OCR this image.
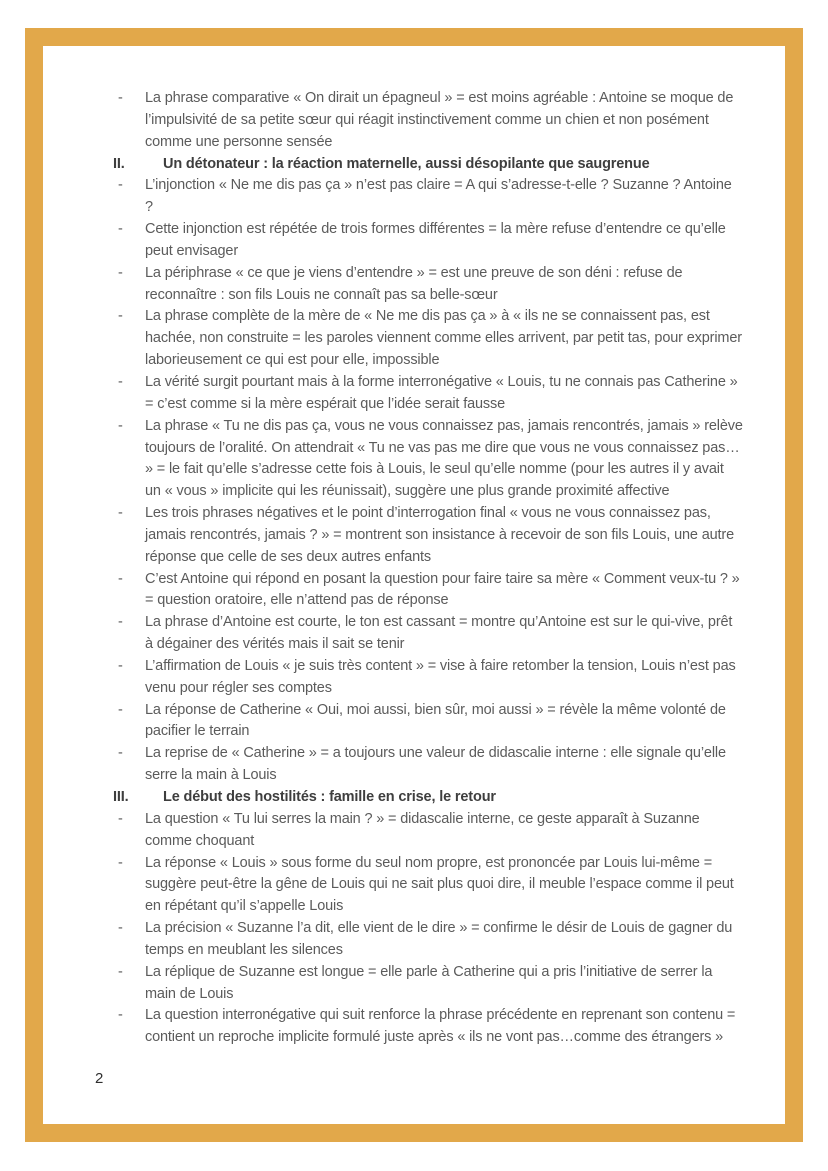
- La phrase comparative « On dirait un épagneul » = est moins agréable : Antoine se moque de l’impulsivité de sa petite sœur qui réagit instinctivement comme un chien et non posément comme une personne sensée
II.	Un détonateur : la réaction maternelle, aussi désopilante que saugrenue
- L’injonction « Ne me dis pas ça » n’est pas claire = A qui s’adresse-t-elle ? Suzanne ? Antoine ?
- Cette injonction est répétée de trois formes différentes = la mère refuse d’entendre ce qu’elle peut envisager
- La périphrase « ce que je viens d’entendre » = est une preuve de son déni : refuse de reconnaître : son fils Louis ne connaît pas sa belle-sœur
- La phrase complète de la mère de « Ne me dis pas ça » à « ils ne se connaissent pas, est hachée, non construite = les paroles viennent comme elles arrivent, par petit tas, pour exprimer laborieusement ce qui est pour elle, impossible
- La vérité surgit pourtant mais à la forme interronégative « Louis, tu ne connais pas Catherine » = c’est comme si la mère espérait que l’idée serait fausse
- La phrase « Tu ne dis pas ça, vous ne vous connaissez pas, jamais rencontrés, jamais » relève toujours de l’oralité. On attendrait « Tu ne vas pas me dire que vous ne vous connaissez pas… » = le fait qu’elle s’adresse cette fois à Louis, le seul qu’elle nomme (pour les autres il y avait un « vous » implicite qui les réunissait), suggère une plus grande proximité affective
- Les trois phrases négatives et le point d’interrogation final « vous ne vous connaissez pas, jamais rencontrés, jamais ? » = montrent son insistance à recevoir de son fils Louis, une autre réponse que celle de ses deux autres enfants
- C’est Antoine qui répond en posant la question pour faire taire sa mère « Comment veux-tu ? » = question oratoire, elle n’attend pas de réponse
- La phrase d’Antoine est courte, le ton est cassant = montre qu’Antoine est sur le qui-vive, prêt à dégainer des vérités mais il sait se tenir
- L’affirmation de Louis « je suis très content » = vise à faire retomber la tension, Louis n’est pas venu pour régler ses comptes
- La réponse de Catherine « Oui, moi aussi, bien sûr, moi aussi » = révèle la même volonté de pacifier le terrain
- La reprise de « Catherine » = a toujours une valeur de didascalie interne : elle signale qu’elle serre la main à Louis
III. Le début des hostilités : famille en crise, le retour
- La question « Tu lui serres la main ? » = didascalie interne, ce geste apparaît à Suzanne comme choquant
- La réponse « Louis » sous forme du seul nom propre, est prononcée par Louis lui-même = suggère peut-être la gêne de Louis qui ne sait plus quoi dire, il meuble l’espace comme il peut en répétant qu’il s’appelle Louis
- La précision « Suzanne l’a dit, elle vient de le dire » = confirme le désir de Louis de gagner du temps en meublant les silences
- La réplique de Suzanne est longue = elle parle à Catherine qui a pris l’initiative de serrer la main de Louis
- La question interronégative qui suit renforce la phrase précédente en reprenant son contenu = contient un reproche implicite formulé juste après « ils ne vont pas…comme des étrangers »
2
